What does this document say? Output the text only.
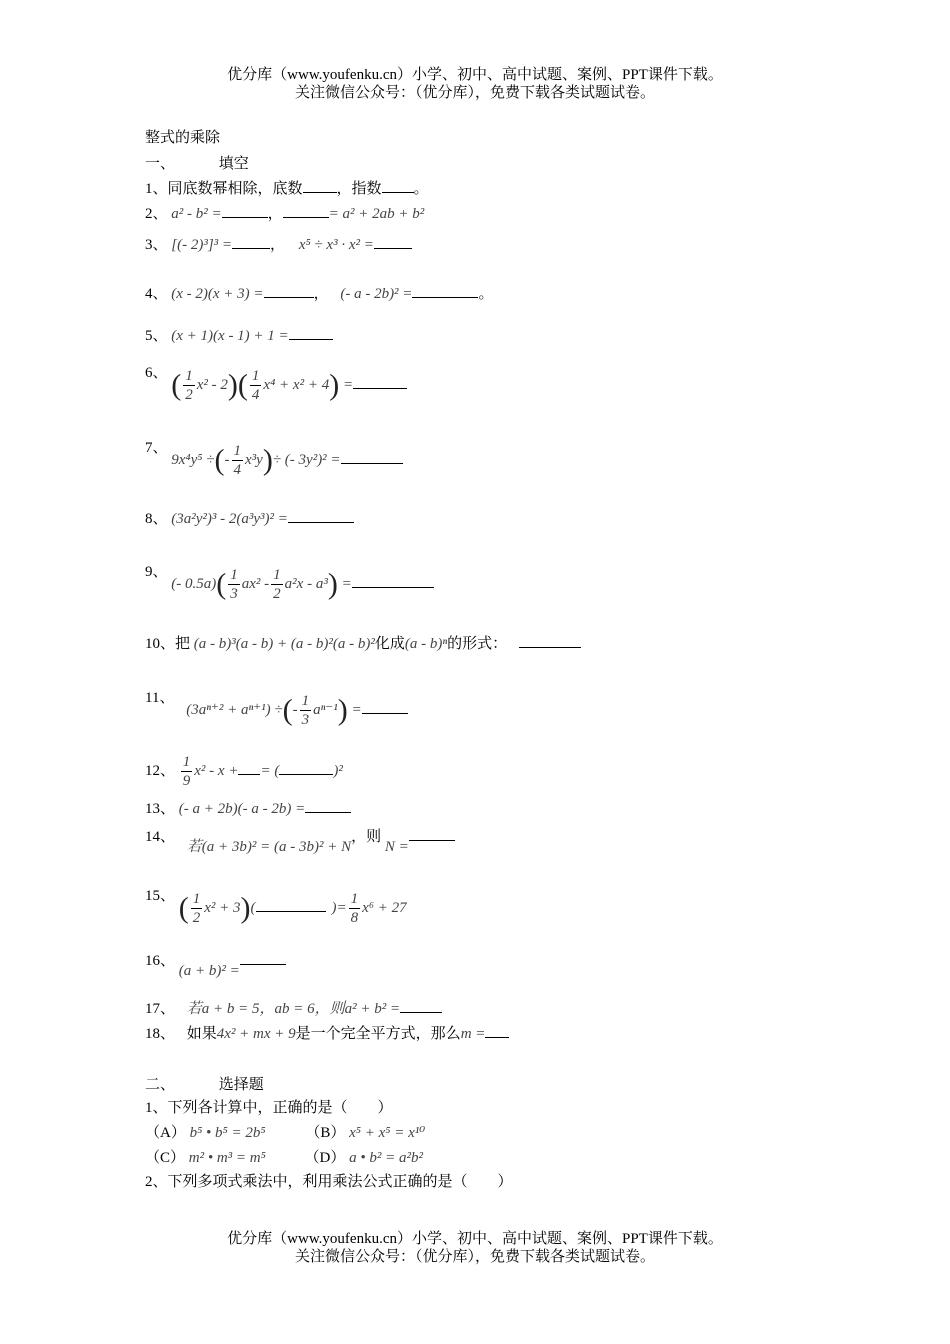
优分库（www.youfenku.cn）小学、初中、高中试题、案例、PPT课件下载。
关注微信公众号：（优分库），免费下载各类试题试卷。
整式的乘除
一、	填空
1、同底数幂相除，底数 ，指数 。
2、 a² - b² =	，	= a² + 2ab + b²
3、 [(- 2)³]³ =	， x⁵ ÷ x³ · x² =
4、 (x - 2)(x + 3) =	， (- a - 2b)² =	。
5、 (x + 1)(x - 1) + 1 =
6、 ( $\frac{1}{2} x^2 - 2)( \frac{1}{4} x^4 + x^2 + 4)$ =
7、 9x⁴y⁵ ÷(- $\frac{1}{4} x^3y)\div$ (- 3y²)² =
8、 (3a²y²)³ - 2(a³y³)² =
9、 (- $0.5a)( \frac{1}{3} ax^2 - \frac{1}{2} a^2x - a^3)$ =
10、把 (a - b)³(a - b) + (a - b)²(a - b)²化成(a - b)ⁿ的形式：
11、 (3aⁿ⁺² + aⁿ⁺¹) ÷(- $\frac{1}{3} a^{n-1}$) =
12、 $\frac{1}{9} x^2$ - x + = (	)²
13、 (- a + 2b)(- a - 2b) =
14、 若(a + 3b)² = (a - 3b)² + N，则 N =
15、 ( $\frac{1}{2} x^2 + 3$)(	)= $\frac{1}{8} x^6 + 27$
16、 (a + b)² =
17、 若a + b = 5，ab = 6，则a² + b² =
18、 如果4x² + mx + 9是一个完全平方式，那么m =
二、	选择题
1、下列各计算中，正确的是（　　）
（A） b⁵ • b⁵ = 2b⁵	（B） x⁵ + x⁵ = x¹⁰
（C） m² • m³ = m⁵	（D） a • b² = a²b²
2、下列多项式乘法中，利用乘法公式正确的是（　　）
优分库（www.youfenku.cn）小学、初中、高中试题、案例、PPT课件下载。
关注微信公众号：（优分库），免费下载各类试题试卷。
